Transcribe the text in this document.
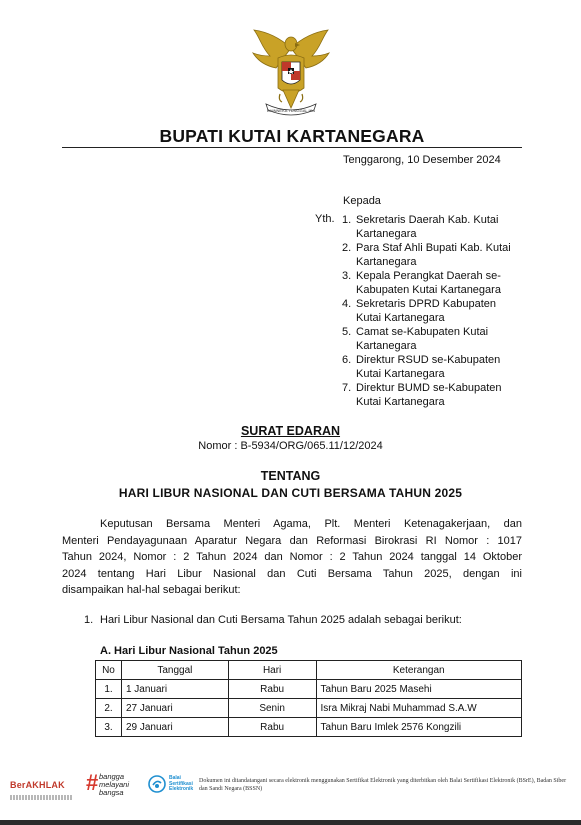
BHINNEKA TUNGGAL IKA
BUPATI KUTAI KARTANEGARA
Tenggarong, 10 Desember 2024
Kepada
Yth. 1. Sekretaris Daerah Kab. Kutai
Kartanegara
2. Para Staf Ahli Bupati Kab. Kutai
Kartanegara
3. Kepala Perangkat Daerah se-
Kabupaten Kutai Kartanegara
4. Sekretaris DPRD Kabupaten
Kutai Kartanegara
5. Camat se-Kabupaten Kutai
Kartanegara
6. Direktur RSUD se-Kabupaten
Kutai Kartanegara
7. Direktur BUMD se-Kabupaten
Kutai Kartanegara
SURAT EDARAN
Nomor : B-5934/ORG/065.11/12/2024
TENTANG
HARI LIBUR NASIONAL DAN CUTI BERSAMA TAHUN 2025
Keputusan Bersama Menteri Agama, Plt. Menteri Ketenagakerjaan, dan
Menteri Pendayagunaan Aparatur Negara dan Reformasi Birokrasi RI Nomor : 1017
Tahun 2024, Nomor : 2 Tahun 2024 dan Nomor : 2 Tahun 2024 tanggal 14 Oktober
2024 tentang Hari Libur Nasional dan Cuti Bersama Tahun 2025, dengan ini
disampaikan hal-hal sebagai berikut:
1. Hari Libur Nasional dan Cuti Bersama Tahun 2025 adalah sebagai berikut:
A. Hari Libur Nasional Tahun 2025
No	Tanggal	Hari	Keterangan
1.	1 Januari	Rabu	Tahun Baru 2025 Masehi
2.	27 Januari	Senin	Isra Mikraj Nabi Muhammad S.A.W
3.	29 Januari	Rabu	Tahun Baru Imlek 2576 Kongzili
BerAKHLAK # bangga
melayani
bangsa
Balai Sertifikasi Elektronik
Dokumen ini ditandatangani secara elektronik menggunakan Sertifikat Elektronik yang diterbitkan oleh Balai Sertifikasi Elektronik (BSrE), Badan Siber dan Sandi Negara (BSSN)
